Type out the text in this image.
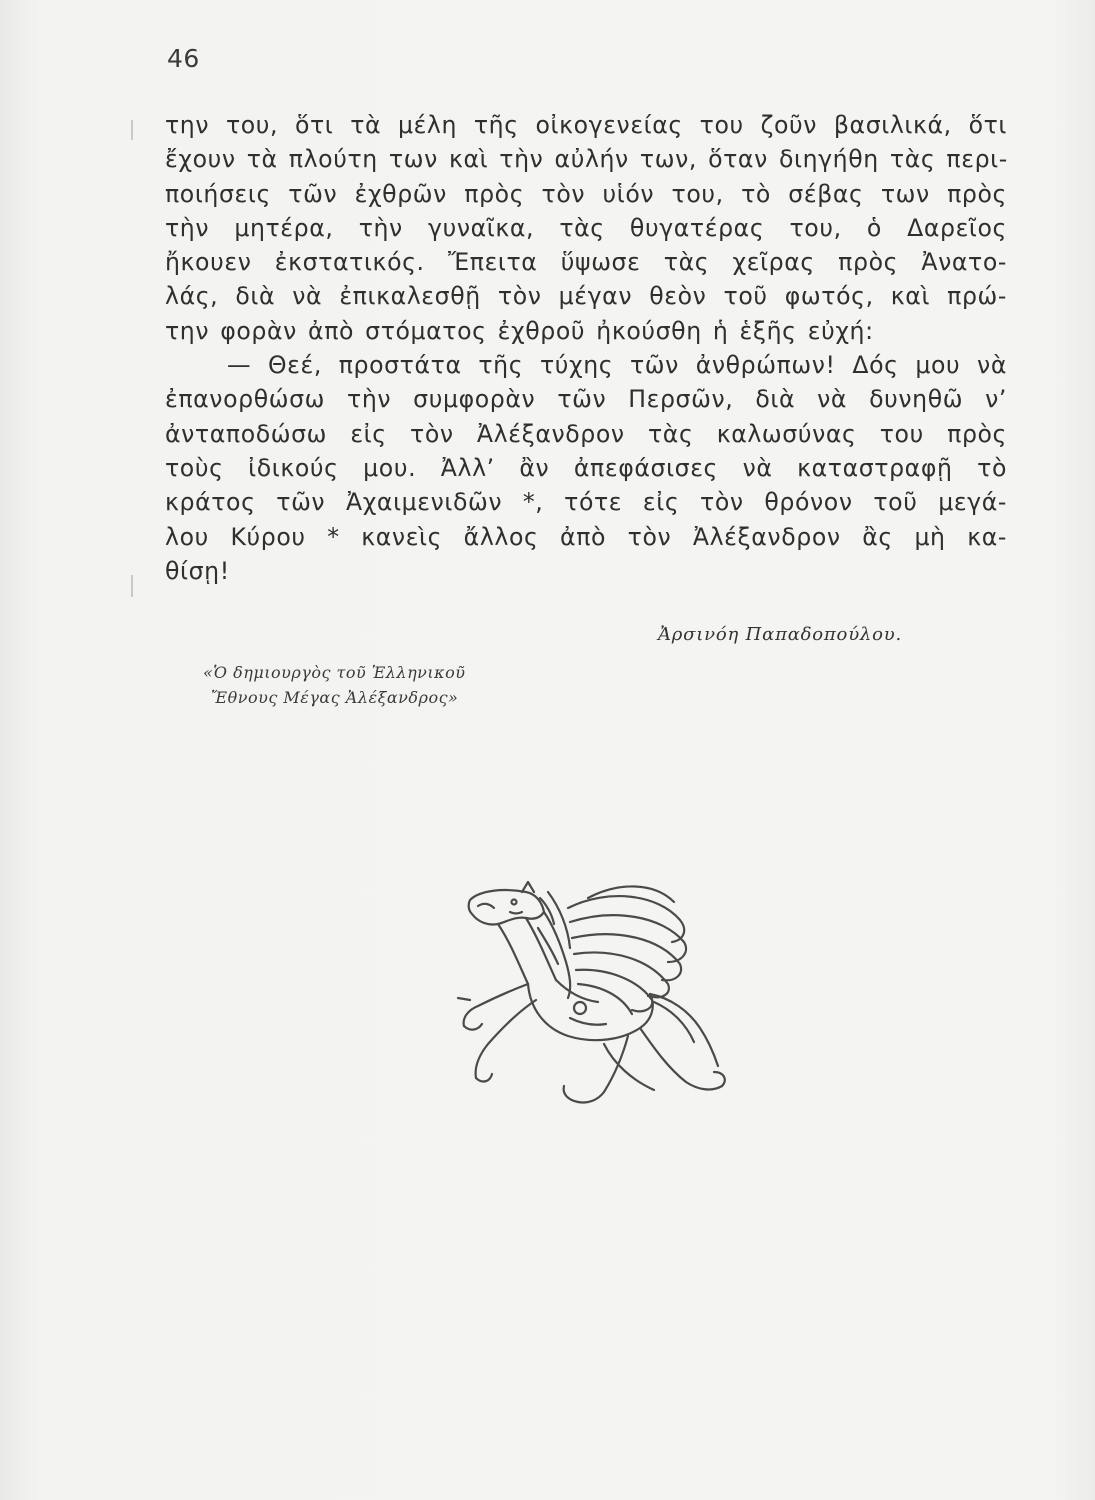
46
την του, ὅτι τὰ μέλη τῆς οἰκογενείας του ζοῦν βασιλικά, ὅτι
ἔχουν τὰ πλούτη των καὶ τὴν αὐλήν των, ὅταν διηγήθη τὰς περι-
ποιήσεις τῶν ἐχθρῶν πρὸς τὸν υἱόν του, τὸ σέβας των πρὸς
τὴν μητέρα, τὴν γυναῖκα, τὰς θυγατέρας του, ὁ Δαρεῖος
ἤκουεν ἐκστατικός. Ἔπειτα ὕψωσε τὰς χεῖρας πρὸς Ἀνατο-
λάς, διὰ νὰ ἐπικαλεσθῇ τὸν μέγαν θεὸν τοῦ φωτός, καὶ πρώ-
την φορὰν ἀπὸ στόματος ἐχθροῦ ἠκούσθη ἡ ἑξῆς εὐχή:
— Θεέ, προστάτα τῆς τύχης τῶν ἀνθρώπων! Δός μου νὰ
ἐπανορθώσω τὴν συμφορὰν τῶν Περσῶν, διὰ νὰ δυνηθῶ ν’
ἀνταποδώσω εἰς τὸν Ἀλέξανδρον τὰς καλωσύνας του πρὸς
τοὺς ἰδικούς μου. Ἀλλ’ ἂν ἀπεφάσισες νὰ καταστραφῇ τὸ
κράτος τῶν Ἀχαιμενιδῶν *, τότε εἰς τὸν θρόνον τοῦ μεγά-
λου Κύρου * κανεὶς ἄλλος ἀπὸ τὸν Ἀλέξανδρον ἂς μὴ κα-
θίσῃ!
Ἀρσινόη Παπαδοπούλου.
«Ὁ δημιουργὸς τοῦ Ἑλληνικοῦ
Ἔθνους Μέγας Ἀλέξανδρος»
